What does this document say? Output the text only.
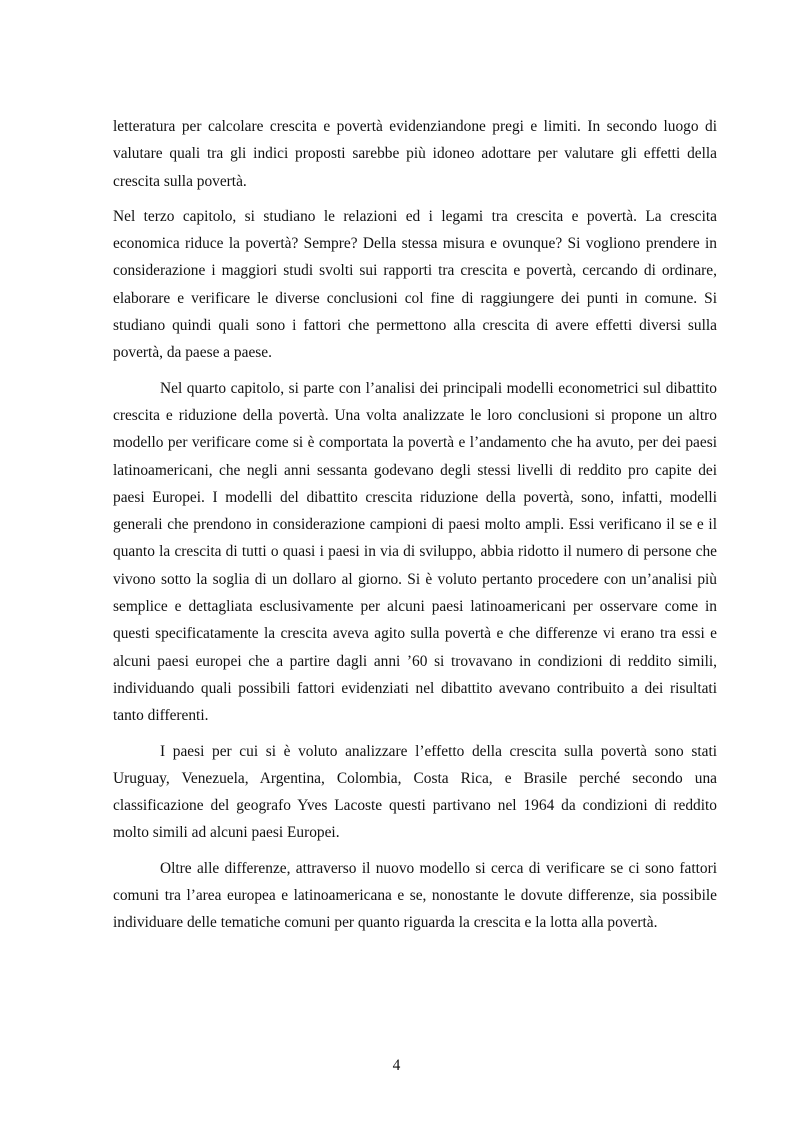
letteratura per calcolare crescita e povertà evidenziandone pregi e limiti. In secondo luogo di valutare quali tra gli indici proposti sarebbe più idoneo adottare per valutare gli effetti della crescita sulla povertà.

Nel terzo capitolo, si studiano le relazioni ed i legami tra crescita e povertà. La crescita economica riduce la povertà? Sempre? Della stessa misura e ovunque? Si vogliono prendere in considerazione i maggiori studi svolti sui rapporti tra crescita e povertà, cercando di ordinare, elaborare e verificare le diverse conclusioni col fine di raggiungere dei punti in comune. Si studiano quindi quali sono i fattori che permettono alla crescita di avere effetti diversi sulla povertà, da paese a paese.

Nel quarto capitolo, si parte con l’analisi dei principali modelli econometrici sul dibattito crescita e riduzione della povertà. Una volta analizzate le loro conclusioni si propone un altro modello per verificare come si è comportata la povertà e l’andamento che ha avuto, per dei paesi latinoamericani, che negli anni sessanta godevano degli stessi livelli di reddito pro capite dei paesi Europei. I modelli del dibattito crescita riduzione della povertà, sono, infatti, modelli generali che prendono in considerazione campioni di paesi molto ampli. Essi verificano il se e il quanto la crescita di tutti o quasi i paesi in via di sviluppo, abbia ridotto il numero di persone che vivono sotto la soglia di un dollaro al giorno. Si è voluto pertanto procedere con un’analisi più semplice e dettagliata esclusivamente per alcuni paesi latinoamericani per osservare come in questi specificatamente la crescita aveva agito sulla povertà e che differenze vi erano tra essi e alcuni paesi europei che a partire dagli anni ’60 si trovavano in condizioni di reddito simili, individuando quali possibili fattori evidenziati nel dibattito avevano contribuito a dei risultati tanto differenti.

I paesi per cui si è voluto analizzare l’effetto della crescita sulla povertà sono stati Uruguay, Venezuela, Argentina, Colombia, Costa Rica, e Brasile perché secondo una classificazione del geografo Yves Lacoste questi partivano nel 1964 da condizioni di reddito molto simili ad alcuni paesi Europei.

Oltre alle differenze, attraverso il nuovo modello si cerca di verificare se ci sono fattori comuni tra l’area europea e latinoamericana e se, nonostante le dovute differenze, sia possibile individuare delle tematiche comuni per quanto riguarda la crescita e la lotta alla povertà.

4
